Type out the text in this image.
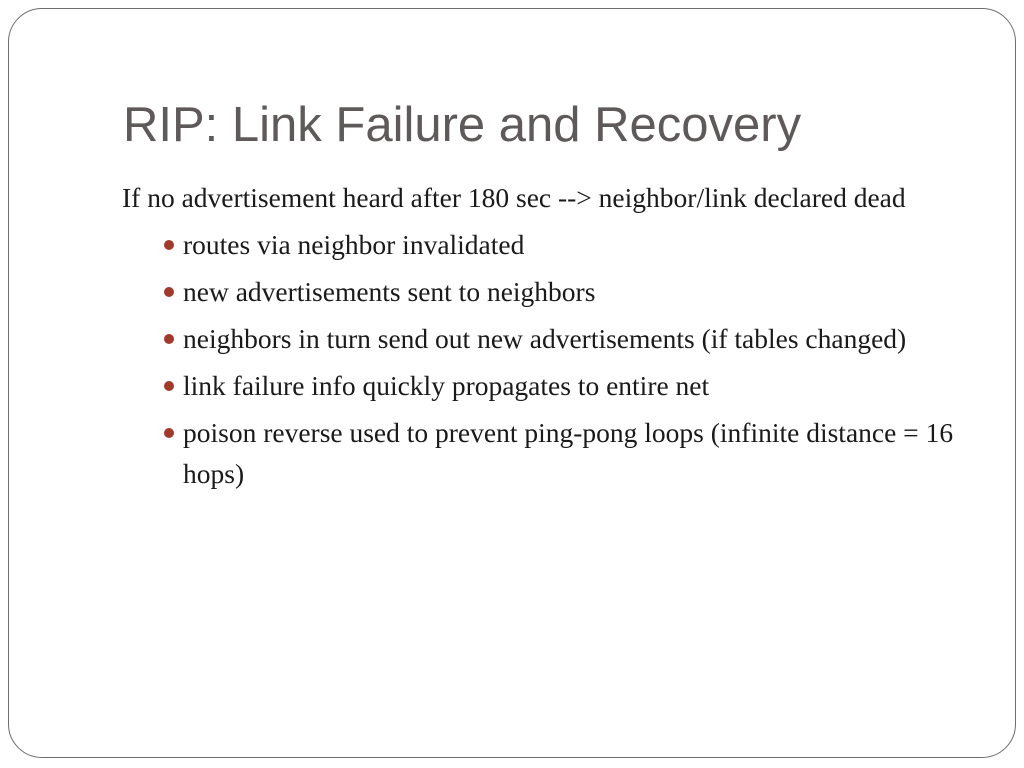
RIP: Link Failure and Recovery

If no advertisement heard after 180 sec --> neighbor/link declared dead

routes via neighbor invalidated
new advertisements sent to neighbors
neighbors in turn send out new advertisements (if tables changed)
link failure info quickly propagates to entire net
poison reverse used to prevent ping-pong loops (infinite distance = 16 hops)
